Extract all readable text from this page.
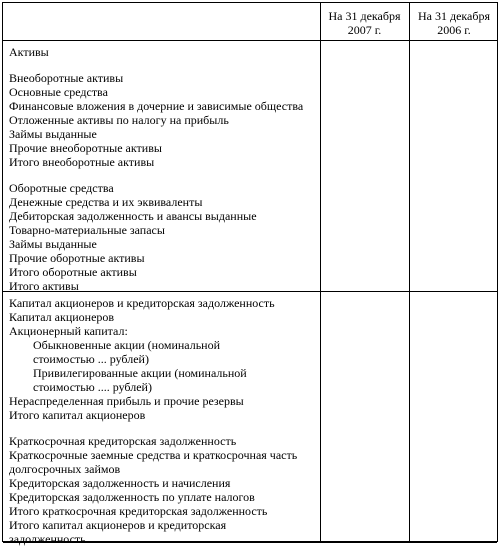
На 31 декабря
2007 г.
На 31 декабря
2006 г.
Активы
Внеоборотные активы
Основные средства
Финансовые вложения в дочерние и зависимые общества
Отложенные активы по налогу на прибыль
Займы выданные
Прочие внеоборотные активы
Итого внеоборотные активы
Оборотные средства
Денежные средства и их эквиваленты
Дебиторская задолженность и авансы выданные
Товарно-материальные запасы
Займы выданные
Прочие оборотные активы
Итого оборотные активы
Итого активы
Капитал акционеров и кредиторская задолженность
Капитал акционеров
Акционерный капитал:
Обыкновенные акции (номинальной
стоимостью ... рублей)
Привилегированные акции (номинальной
стоимостью .... рублей)
Нераспределенная прибыль и прочие резервы
Итого капитал акционеров
Краткосрочная кредиторская задолженность
Краткосрочные заемные средства и краткосрочная часть
долгосрочных займов
Кредиторская задолженность и начисления
Кредиторская задолженность по уплате налогов
Итого краткосрочная кредиторская задолженность
Итого капитал акционеров и кредиторская
задолженность
